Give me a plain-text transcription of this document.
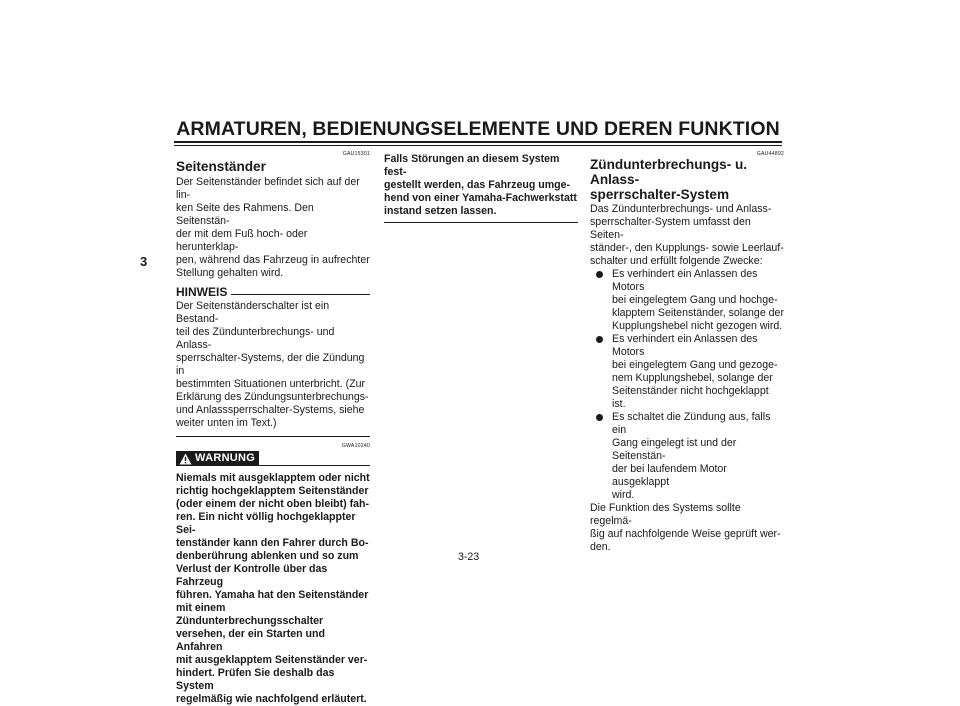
ARMATUREN, BEDIENUNGSELEMENTE UND DEREN FUNKTION
3
GAU15301
Seitenständer

Der Seitenständer befindet sich auf der lin-
ken Seite des Rahmens. Den Seitenstän-
der mit dem Fuß hoch- oder herunterklap-
pen, während das Fahrzeug in aufrechter
Stellung gehalten wird.

HINWEIS

Der Seitenständerschalter ist ein Bestand-
teil des Zündunterbrechungs- und Anlass-
sperrschalter-Systems, der die Zündung in
bestimmten Situationen unterbricht. (Zur
Erklärung des Zündungsunterbrechungs-
und Anlasssperrschalter-Systems, siehe
weiter unten im Text.)

GWA10240
WARNUNG

Niemals mit ausgeklapptem oder nicht
richtig hochgeklapptem Seitenständer
(oder einem der nicht oben bleibt) fah-
ren. Ein nicht völlig hochgeklappter Sei-
tenständer kann den Fahrer durch Bo-
denberührung ablenken und so zum
Verlust der Kontrolle über das Fahrzeug
führen. Yamaha hat den Seitenständer
mit einem Zündunterbrechungsschalter
versehen, der ein Starten und Anfahren
mit ausgeklapptem Seitenständer ver-
hindert. Prüfen Sie deshalb das System
regelmäßig wie nachfolgend erläutert.

Falls Störungen an diesem System fest-
gestellt werden, das Fahrzeug umge-
hend von einer Yamaha-Fachwerkstatt
instand setzen lassen.

GAU44892
Zündunterbrechungs- u. Anlass-
sperrschalter-System

Das Zündunterbrechungs- und Anlass-
sperrschalter-System umfasst den Seiten-
ständer-, den Kupplungs- sowie Leerlauf-
schalter und erfüllt folgende Zwecke:

Es verhindert ein Anlassen des Motors
bei eingelegtem Gang und hochge-
klapptem Seitenständer, solange der
Kupplungshebel nicht gezogen wird.
Es verhindert ein Anlassen des Motors
bei eingelegtem Gang und gezoge-
nem Kupplungshebel, solange der
Seitenständer nicht hochgeklappt ist.
Es schaltet die Zündung aus, falls ein
Gang eingelegt ist und der Seitenstän-
der bei laufendem Motor ausgeklappt
wird.

Die Funktion des Systems sollte regelmä-
ßig auf nachfolgende Weise geprüft wer-
den.

3-23
